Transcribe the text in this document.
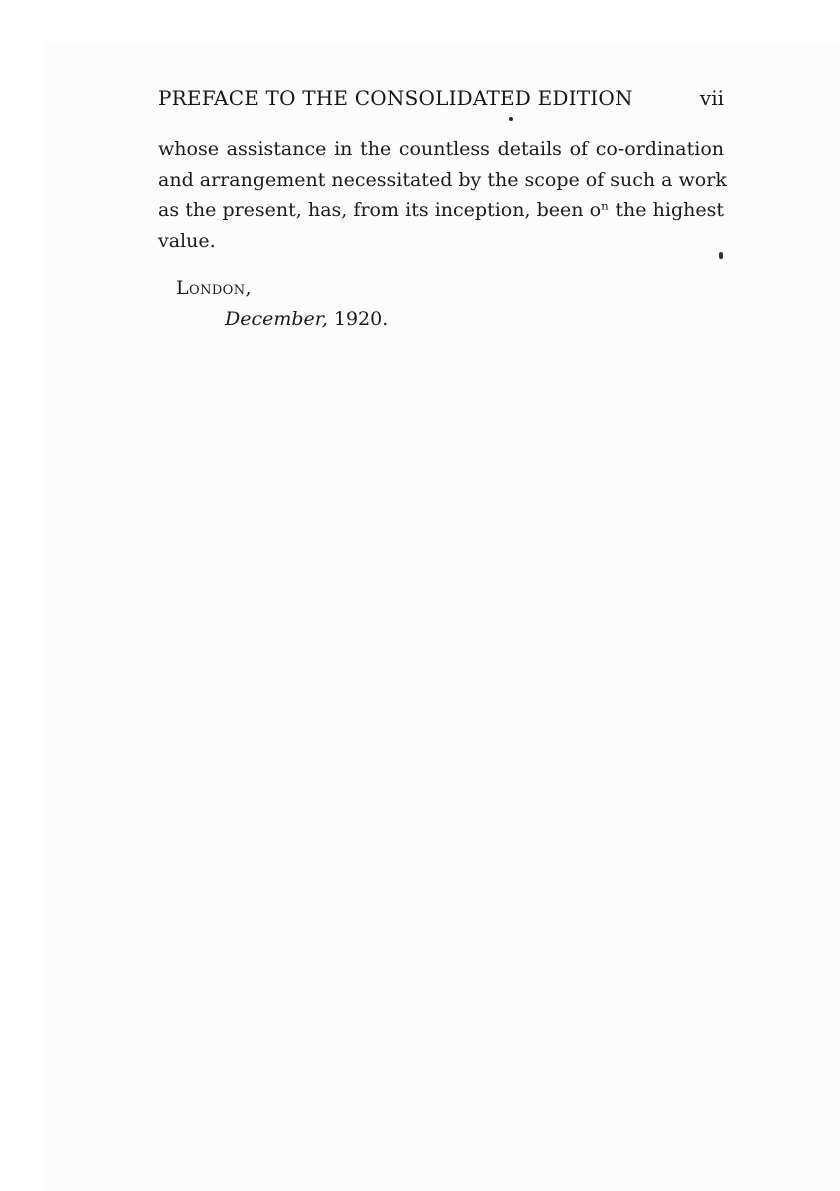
PREFACE TO THE CONSOLIDATED EDITION	vii
whose assistance in the countless details of co-ordination
and arrangement necessitated by the scope of such a work
as the present, has, from its inception, been oⁿ the highest
value.
London,
December, 1920.
